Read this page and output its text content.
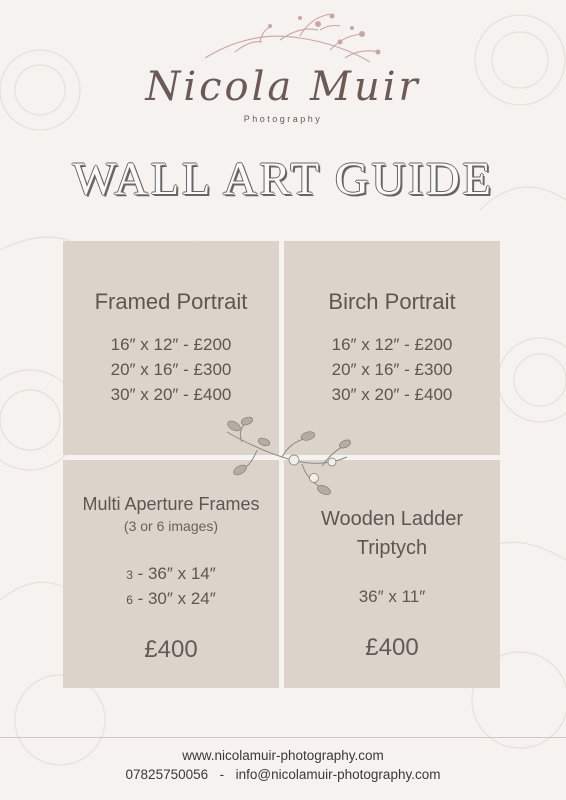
Nicola Muir
Photography
WALL ART GUIDE
Framed Portrait
16″ x 12″ - £200
20″ x 16″ - £300
30″ x 20″ - £400
Birch Portrait
16″ x 12″ - £200
20″ x 16″ - £300
30″ x 20″ - £400
Multi Aperture Frames
(3 or 6 images)
3 - 36″ x 14″
6 - 30″ x 24″
£400
Wooden Ladder
Triptych
36″ x 11″
£400
www.nicolamuir-photography.com
07825750056 - info@nicolamuir-photography.com
